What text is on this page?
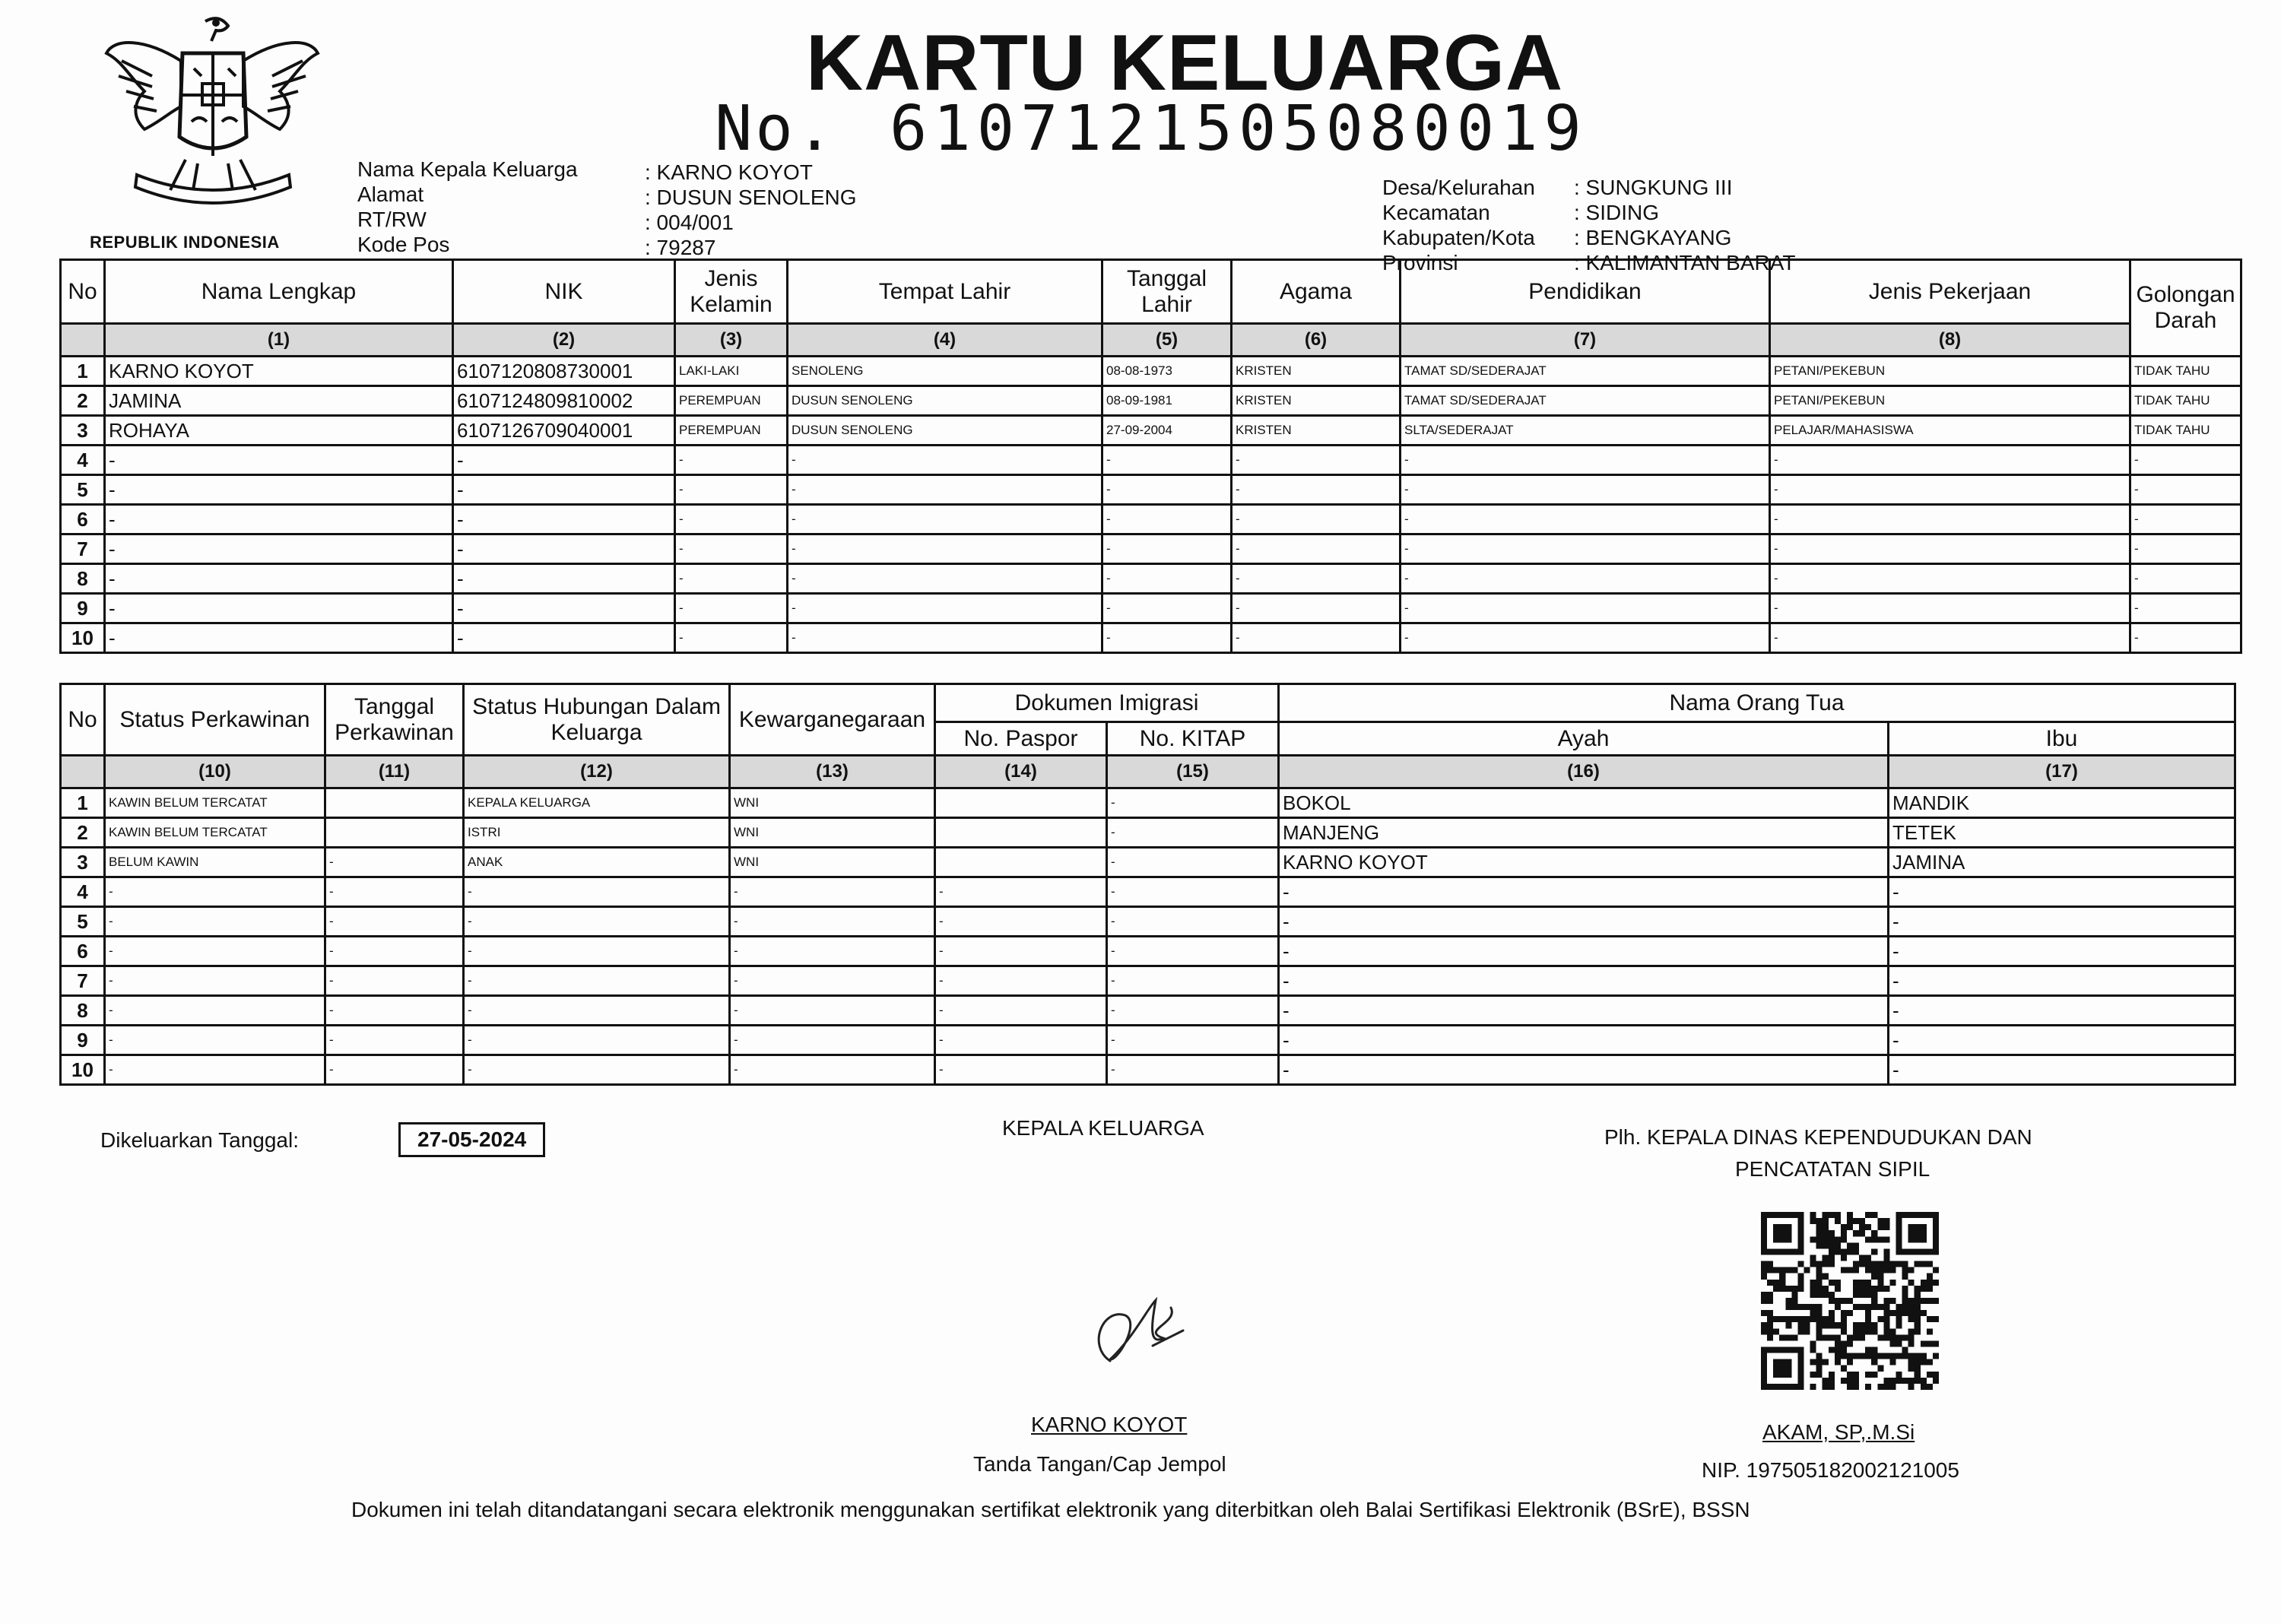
REPUBLIK INDONESIA
KARTU KELUARGA
No. 6107121505080019
Nama Kepala Keluarga
Alamat
RT/RW
Kode Pos
: KARNO KOYOT
: DUSUN SENOLENG
: 004/001
: 79287
Desa/Kelurahan
Kecamatan
Kabupaten/Kota
Provinsi
: SUNGKUNG III
: SIDING
: BENGKAYANG
: KALIMANTAN BARAT
No	Nama Lengkap	NIK	Jenis Kelamin	Tempat Lahir	Tanggal Lahir	Agama	Pendidikan	Jenis Pekerjaan	Golongan Darah
	(1)	(2)	(3)	(4)	(5)	(6)	(7)	(8)	
1	KARNO KOYOT	6107120808730001	LAKI-LAKI	SENOLENG	08-08-1973	KRISTEN	TAMAT SD/SEDERAJAT	PETANI/PEKEBUN	TIDAK TAHU
2	JAMINA	6107124809810002	PEREMPUAN	DUSUN SENOLENG	08-09-1981	KRISTEN	TAMAT SD/SEDERAJAT	PETANI/PEKEBUN	TIDAK TAHU
3	ROHAYA	6107126709040001	PEREMPUAN	DUSUN SENOLENG	27-09-2004	KRISTEN	SLTA/SEDERAJAT	PELAJAR/MAHASISWA	TIDAK TAHU
4	-	-	-	-	-	-	-	-	-
5	-	-	-	-	-	-	-	-	-
6	-	-	-	-	-	-	-	-	-
7	-	-	-	-	-	-	-	-	-
8	-	-	-	-	-	-	-	-	-
9	-	-	-	-	-	-	-	-	-
10	-	-	-	-	-	-	-	-	-
No	Status Perkawinan	Tanggal Perkawinan	Status Hubungan Dalam Keluarga	Kewarganegaraan	Dokumen Imigrasi		Nama Orang Tua	
					No. Paspor	No. KITAP	Ayah	Ibu
	(10)	(11)	(12)	(13)	(14)	(15)	(16)	(17)
1	KAWIN BELUM TERCATAT		KEPALA KELUARGA	WNI		-	BOKOL	MANDIK
2	KAWIN BELUM TERCATAT		ISTRI	WNI		-	MANJENG	TETEK
3	BELUM KAWIN	-	ANAK	WNI		-	KARNO KOYOT	JAMINA
4	-	-	-	-	-	-	-	-
5	-	-	-	-	-	-	-	-
6	-	-	-	-	-	-	-	-
7	-	-	-	-	-	-	-	-
8	-	-	-	-	-	-	-	-
9	-	-	-	-	-	-	-	-
10	-	-	-	-	-	-	-	-
Dikeluarkan Tanggal:	27-05-2024	KEPALA KELUARGA
KARNO KOYOT
Tanda Tangan/Cap Jempol
Plh. KEPALA DINAS KEPENDUDUKAN DAN
PENCATATAN SIPIL
AKAM, SP,.M.Si
NIP. 197505182002121005
Dokumen ini telah ditandatangani secara elektronik menggunakan sertifikat elektronik yang diterbitkan oleh Balai Sertifikasi Elektronik (BSrE), BSSN
